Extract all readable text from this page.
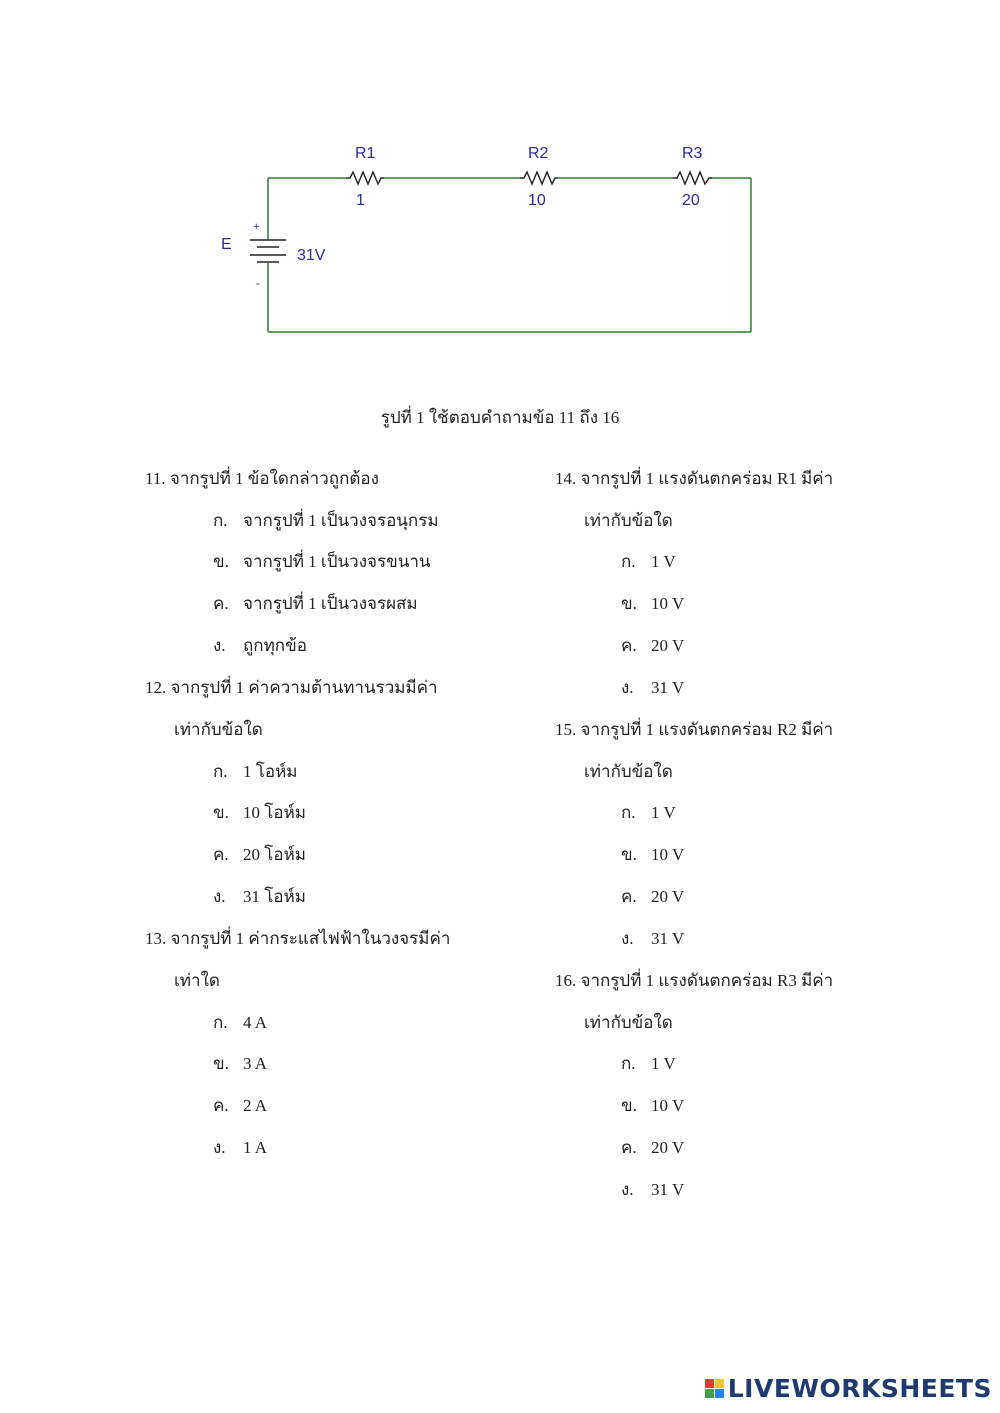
R1
1
R2
10
R3
20
E
31V
+
-
รูปที่ 1 ใช้ตอบคำถามข้อ 11 ถึง 16
11. จากรูปที่ 1 ข้อใดกล่าวถูกต้อง
ก. จากรูปที่ 1 เป็นวงจรอนุกรม
ข. จากรูปที่ 1 เป็นวงจรขนาน
ค. จากรูปที่ 1 เป็นวงจรผสม
ง. ถูกทุกข้อ
12. จากรูปที่ 1 ค่าความต้านทานรวมมีค่า
เท่ากับข้อใด
ก. 1 โอห์ม
ข. 10 โอห์ม
ค. 20 โอห์ม
ง. 31 โอห์ม
13. จากรูปที่ 1 ค่ากระแสไฟฟ้าในวงจรมีค่า
เท่าใด
ก. 4 A
ข. 3 A
ค. 2 A
ง. 1 A
14. จากรูปที่ 1 แรงดันตกคร่อม R1 มีค่า
เท่ากับข้อใด
ก. 1 V
ข. 10 V
ค. 20 V
ง. 31 V
15. จากรูปที่ 1 แรงดันตกคร่อม R2 มีค่า
เท่ากับข้อใด
ก. 1 V
ข. 10 V
ค. 20 V
ง. 31 V
16. จากรูปที่ 1 แรงดันตกคร่อม R3 มีค่า
เท่ากับข้อใด
ก. 1 V
ข. 10 V
ค. 20 V
ง. 31 V
LIVEWORKSHEETS
